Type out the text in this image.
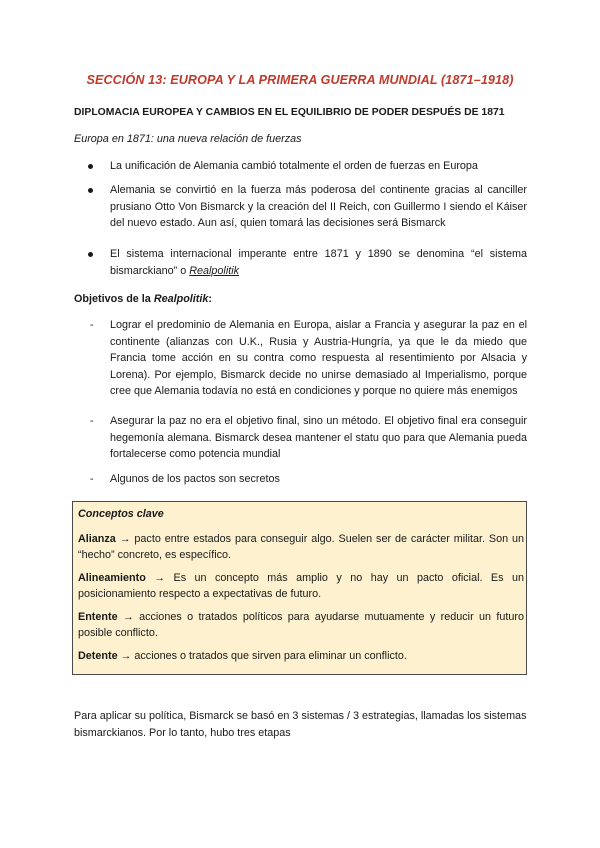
SECCIÓN 13: EUROPA Y LA PRIMERA GUERRA MUNDIAL (1871–1918)
DIPLOMACIA EUROPEA Y CAMBIOS EN EL EQUILIBRIO DE PODER DESPUÉS DE 1871
Europa en 1871: una nueva relación de fuerzas
La unificación de Alemania cambió totalmente el orden de fuerzas en Europa
Alemania se convirtió en la fuerza más poderosa del continente gracias al canciller prusiano Otto Von Bismarck y la creación del II Reich, con Guillermo I siendo el Káiser del nuevo estado. Aun así, quien tomará las decisiones será Bismarck
El sistema internacional imperante entre 1871 y 1890 se denomina “el sistema bismarckiano” o Realpolitik
Objetivos de la Realpolitik:
- Lograr el predominio de Alemania en Europa, aislar a Francia y asegurar la paz en el continente (alianzas con U.K., Rusia y Austria-Hungría, ya que le da miedo que Francia tome acción en su contra como respuesta al resentimiento por Alsacia y Lorena). Por ejemplo, Bismarck decide no unirse demasiado al Imperialismo, porque cree que Alemania todavía no está en condiciones y porque no quiere más enemigos
- Asegurar la paz no era el objetivo final, sino un método. El objetivo final era conseguir hegemonía alemana. Bismarck desea mantener el statu quo para que Alemania pueda fortalecerse como potencia mundial
- Algunos de los pactos son secretos
Conceptos clave
Alianza → pacto entre estados para conseguir algo. Suelen ser de carácter militar. Son un “hecho” concreto, es específico.
Alineamiento → Es un concepto más amplio y no hay un pacto oficial. Es un posicionamiento respecto a expectativas de futuro.
Entente → acciones o tratados políticos para ayudarse mutuamente y reducir un futuro posible conflicto.
Detente → acciones o tratados que sirven para eliminar un conflicto.
Para aplicar su política, Bismarck se basó en 3 sistemas / 3 estrategias, llamadas los sistemas bismarckianos. Por lo tanto, hubo tres etapas
